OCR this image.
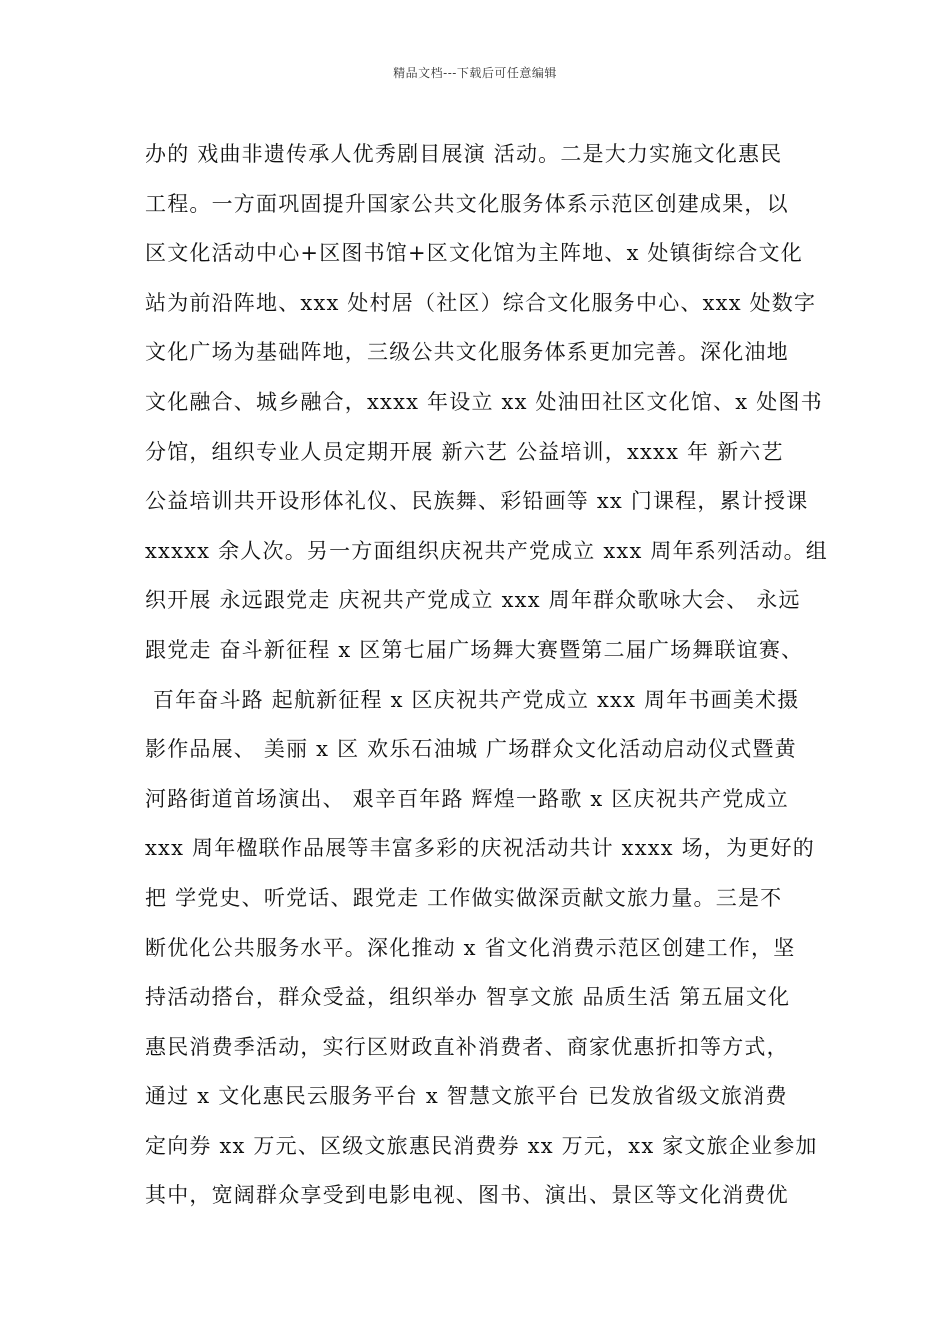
精品文档---下载后可任意编辑
办的 戏曲非遗传承人优秀剧目展演 活动。二是大力实施文化惠民
工程。一方面巩固提升国家公共文化服务体系示范区创建成果，以
区文化活动中心+区图书馆+区文化馆为主阵地、x 处镇街综合文化
站为前沿阵地、xxx 处村居（社区）综合文化服务中心、xxx 处数字
文化广场为基础阵地，三级公共文化服务体系更加完善。深化油地
文化融合、城乡融合，xxxx 年设立 xx 处油田社区文化馆、x 处图书
分馆，组织专业人员定期开展 新六艺 公益培训，xxxx 年 新六艺
公益培训共开设形体礼仪、民族舞、彩铅画等 xx 门课程，累计授课
xxxxx 余人次。另一方面组织庆祝共产党成立 xxx 周年系列活动。组
织开展 永远跟党走 庆祝共产党成立 xxx 周年群众歌咏大会、 永远
跟党走 奋斗新征程 x 区第七届广场舞大赛暨第二届广场舞联谊赛、
百年奋斗路 起航新征程 x 区庆祝共产党成立 xxx 周年书画美术摄
影作品展、 美丽 x 区 欢乐石油城 广场群众文化活动启动仪式暨黄
河路街道首场演出、 艰辛百年路 辉煌一路歌 x 区庆祝共产党成立
xxx 周年楹联作品展等丰富多彩的庆祝活动共计 xxxx 场，为更好的
把 学党史、听党话、跟党走 工作做实做深贡献文旅力量。三是不
断优化公共服务水平。深化推动 x 省文化消费示范区创建工作，坚
持活动搭台，群众受益，组织举办 智享文旅 品质生活 第五届文化
惠民消费季活动，实行区财政直补消费者、商家优惠折扣等方式，
通过 x 文化惠民云服务平台 x 智慧文旅平台 已发放省级文旅消费
定向券 xx 万元、区级文旅惠民消费券 xx 万元，xx 家文旅企业参加
其中，宽阔群众享受到电影电视、图书、演出、景区等文化消费优
